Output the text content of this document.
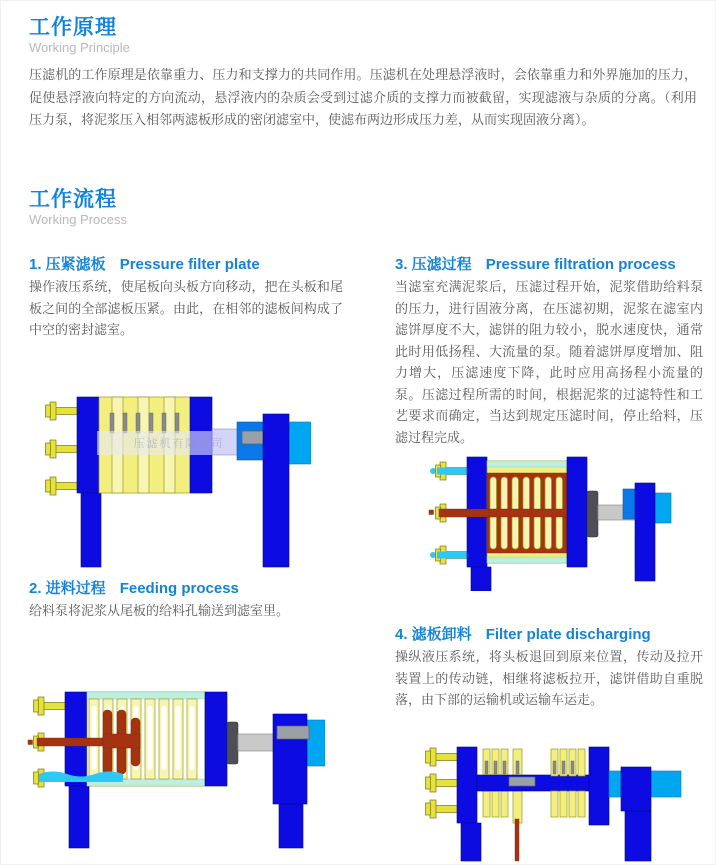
工作原理
Working Principle

压滤机的工作原理是依靠重力、压力和支撑力的共同作用。压滤机在处理悬浮液时，会依靠重力和外界施加的压力，促使悬浮液向特定的方向流动，悬浮液内的杂质会受到过滤介质的支撑力而被截留，实现滤液与杂质的分离。（利用压力泵，将泥浆压入相邻两滤板形成的密闭滤室中，使滤布两边形成压力差，从而实现固液分离）。

工作流程
Working Process
1. 压紧滤板 Pressure filter plate

操作液压系统，使尾板向头板方向移动，把在头板和尾板之间的全部滤板压紧。由此，在相邻的滤板间构成了中空的密封滤室。

压滤机有限公司
2. 进料过程 Feeding process

给料泵将泥浆从尾板的给料孔输送到滤室里。

3. 压滤过程 Pressure filtration process

当滤室充满泥浆后，压滤过程开始，泥浆借助给料泵的压力，进行固液分离，在压滤初期，泥浆在滤室内滤饼厚度不大，滤饼的阻力较小，脱水速度快，通常此时用低扬程、大流量的泵。随着滤饼厚度增加、阻力增大，压滤速度下降，此时应用高扬程小流量的泵。压滤过程所需的时间，根据泥浆的过滤特性和工艺要求而确定，当达到规定压滤时间，停止给料，压滤过程完成。

4. 滤板卸料 Filter plate discharging

操纵液压系统，将头板退回到原来位置，传动及拉开装置上的传动链，相继将滤板拉开，滤饼借助自重脱落，由下部的运输机或运输车运走。
